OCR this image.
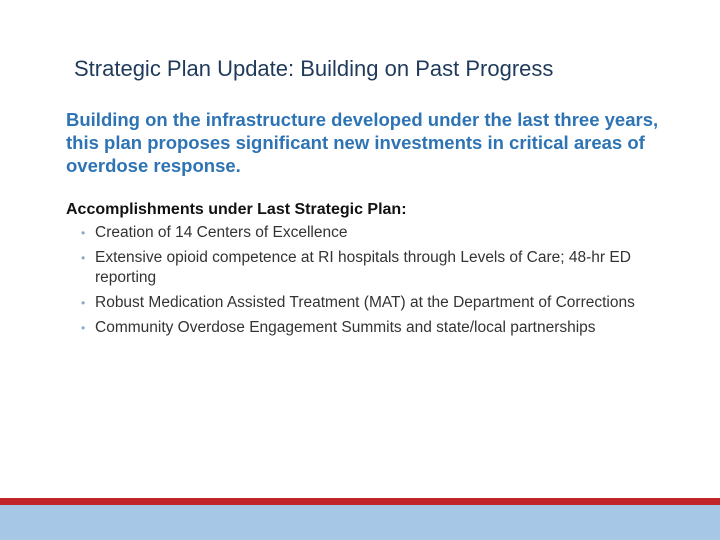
Strategic Plan Update: Building on Past Progress
Building on the infrastructure developed under the last three years, this plan proposes significant new investments in critical areas of overdose response.
Accomplishments under Last Strategic Plan:
• Creation of 14 Centers of Excellence
• Extensive opioid competence at RI hospitals through Levels of Care; 48-hr ED reporting
• Robust Medication Assisted Treatment (MAT) at the Department of Corrections
• Community Overdose Engagement Summits and state/local partnerships
